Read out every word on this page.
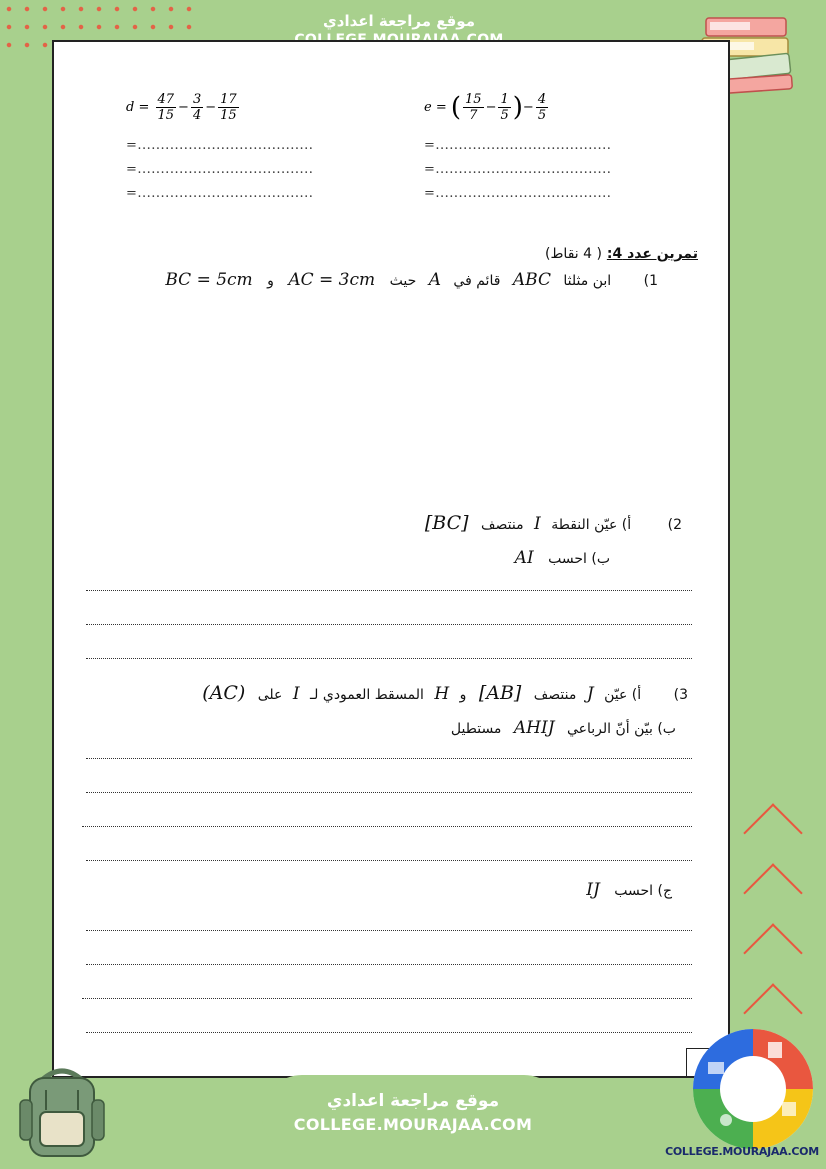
موقع مراجعة اعدادي
$d = \frac{47}{15} - \frac{3}{4} - \frac{17}{15}$
=......................................
=......................................
=......................................
e = ( $\frac{15}{7} - \frac{1}{5}$ )− $\frac{4}{5}$
=......................................
=......................................
=......................................
تمرين عدد 4: ( 4 نقاط)
1) ابن مثلثا ABC قائم في A حيث AC = 3cm و BC = 5cm
2) أ) عيّن النقطة I منتصف [BC]
ب) احسب AI
3) أ) عيّن J منتصف [AB] و H المسقط العمودي لـ I على (AC)
ب) بيّن أنّ الرباعي AHIJ مستطيل
ج) احسب IJ
موقع مراجعة اعدادي
COLLEGE.MOURAJAA.COM
COLLEGE.MOURAJAA.COM
